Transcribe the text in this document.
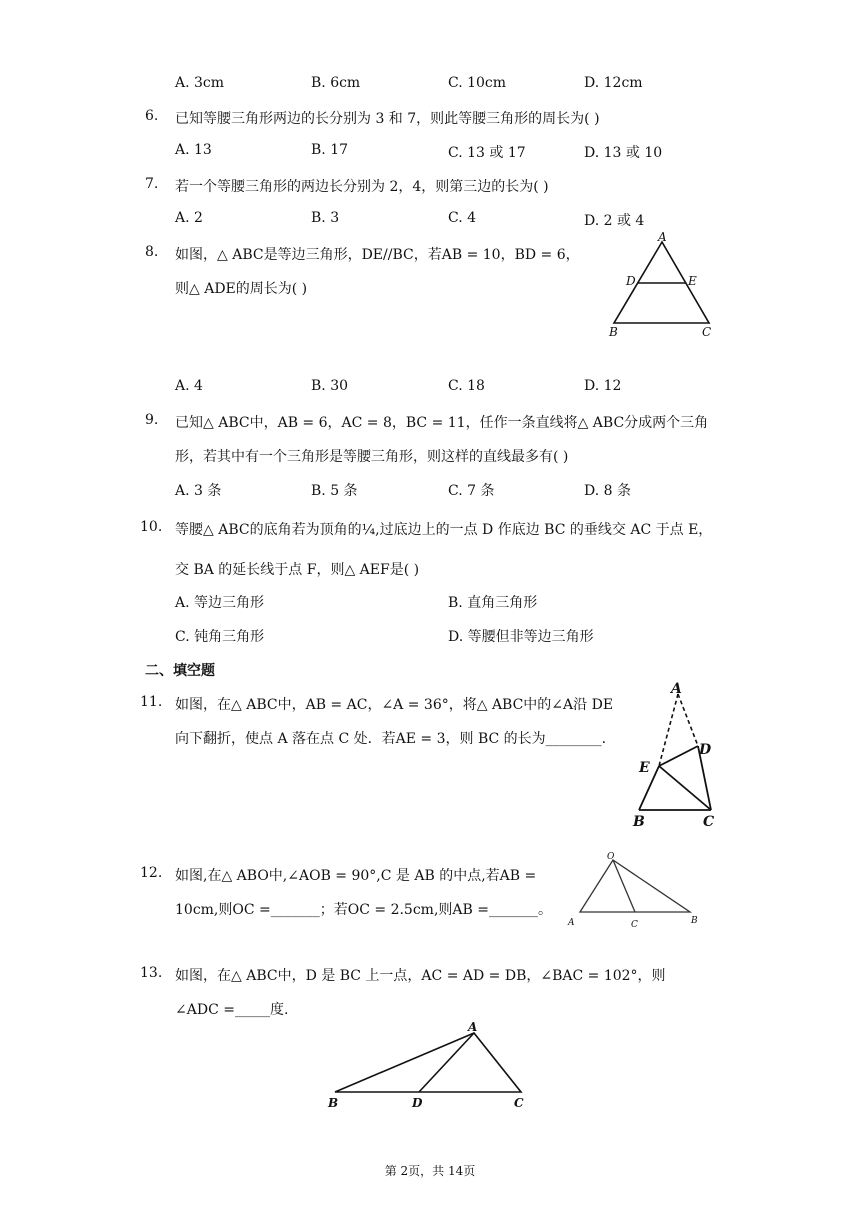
A. 3cm	B. 6cm	C. 10cm	D. 12cm
6. 已知等腰三角形两边的长分别为 3 和 7，则此等腰三角形的周长为( )
A. 13	B. 17	C. 13 或 17	D. 13 或 10
7. 若一个等腰三角形的两边长分别为 2，4，则第三边的长为( )
A. 2	B. 3	C. 4	D. 2 或 4
8. 如图，△ ABC是等边三角形，DE//BC，若AB = 10，BD = 6，
则△ ADE的周长为( )
A
D	E
B	C
A. 4	B. 30	C. 18	D. 12
9. 已知△ ABC中，AB = 6，AC = 8，BC = 11，任作一条直线将△ ABC分成两个三角
形，若其中有一个三角形是等腰三角形，则这样的直线最多有( )
A. 3 条	B. 5 条	C. 7 条	D. 8 条
10. 等腰△ ABC的底角若为顶角的¼,过底边上的一点 D 作底边 BC 的垂线交 AC 于点 E，
交 BA 的延长线于点 F，则△ AEF是( )
A. 等边三角形	B. 直角三角形
C. 钝角三角形	D. 等腰但非等边三角形
二、填空题
11. 如图，在△ ABC中，AB = AC，∠A = 36°，将△ ABC中的∠A沿 DE
向下翻折，使点 A 落在点 C 处．若AE = 3，则 BC 的长为________.
A
D
E
B	C
12. 如图,在△ ABO中,∠AOB = 90°,C 是 AB 的中点,若AB =
10cm,则OC =_______；若OC = 2.5cm,则AB =_______。
O
A	C	B
13. 如图，在△ ABC中，D 是 BC 上一点，AC = AD = DB，∠BAC = 102°，则
∠ADC =_____度.
A
B	D	C
第 2页，共 14页
